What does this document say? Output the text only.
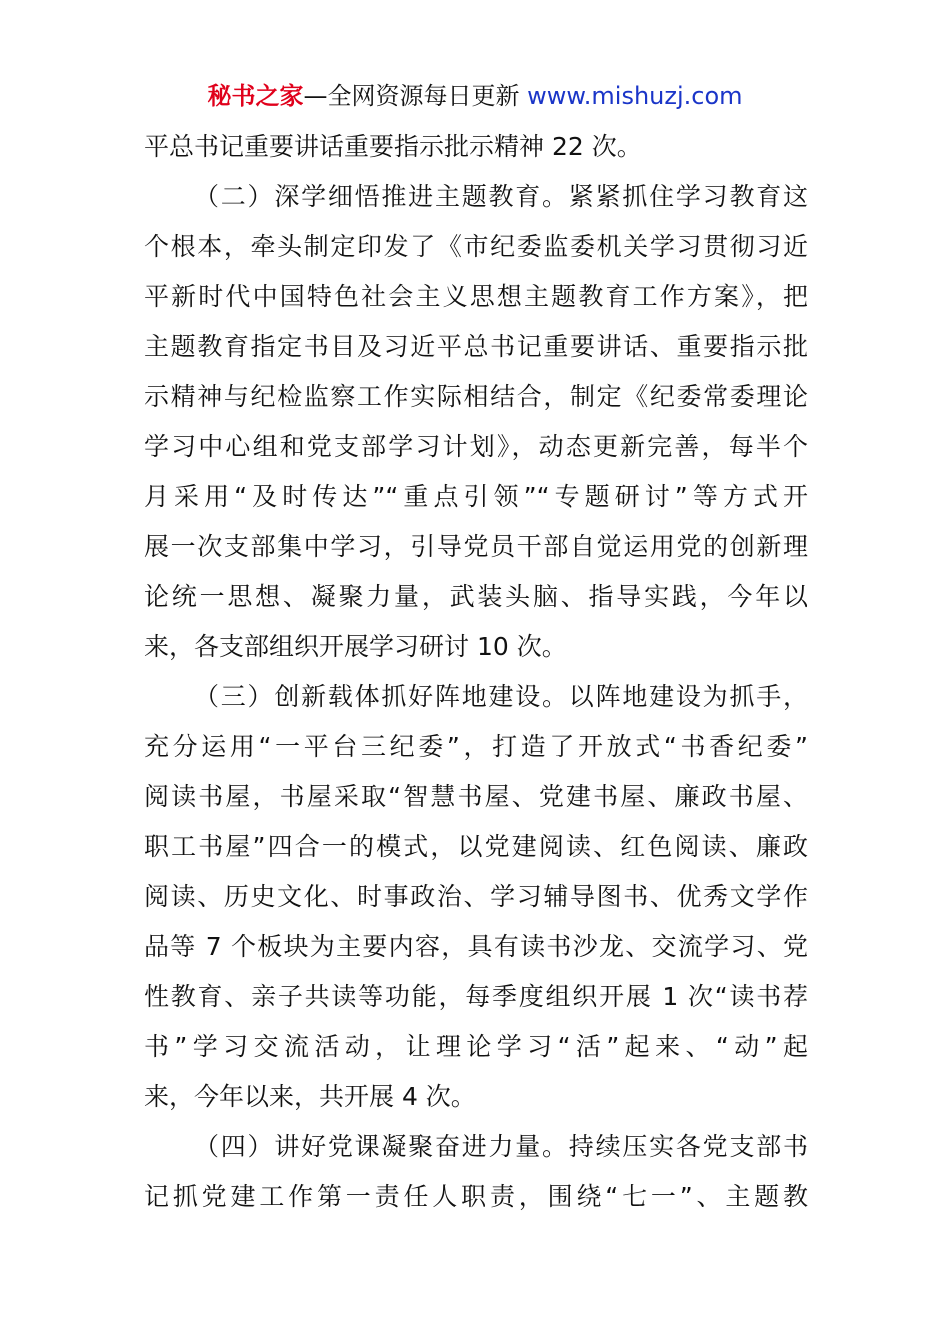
秘书之家—全网资源每日更新 www.mishuzj.com
平总书记重要讲话重要指示批示精神 22 次。
（二）深学细悟推进主题教育。紧紧抓住学习教育这
个根本，牵头制定印发了《市纪委监委机关学习贯彻习近
平新时代中国特色社会主义思想主题教育工作方案》，把
主题教育指定书目及习近平总书记重要讲话、重要指示批
示精神与纪检监察工作实际相结合，制定《纪委常委理论
学习中心组和党支部学习计划》，动态更新完善，每半个
月采用“及时传达”“重点引领”“专题研讨”等方式开
展一次支部集中学习，引导党员干部自觉运用党的创新理
论统一思想、凝聚力量，武装头脑、指导实践，今年以
来，各支部组织开展学习研讨 10 次。
（三）创新载体抓好阵地建设。以阵地建设为抓手，
充分运用“一平台三纪委”，打造了开放式“书香纪委”
阅读书屋，书屋采取“智慧书屋、党建书屋、廉政书屋、
职工书屋”四合一的模式，以党建阅读、红色阅读、廉政
阅读、历史文化、时事政治、学习辅导图书、优秀文学作
品等 7 个板块为主要内容，具有读书沙龙、交流学习、党
性教育、亲子共读等功能，每季度组织开展 1 次“读书荐
书”学习交流活动，让理论学习“活”起来、“动”起
来，今年以来，共开展 4 次。
（四）讲好党课凝聚奋进力量。持续压实各党支部书
记抓党建工作第一责任人职责，围绕“七一”、主题教
